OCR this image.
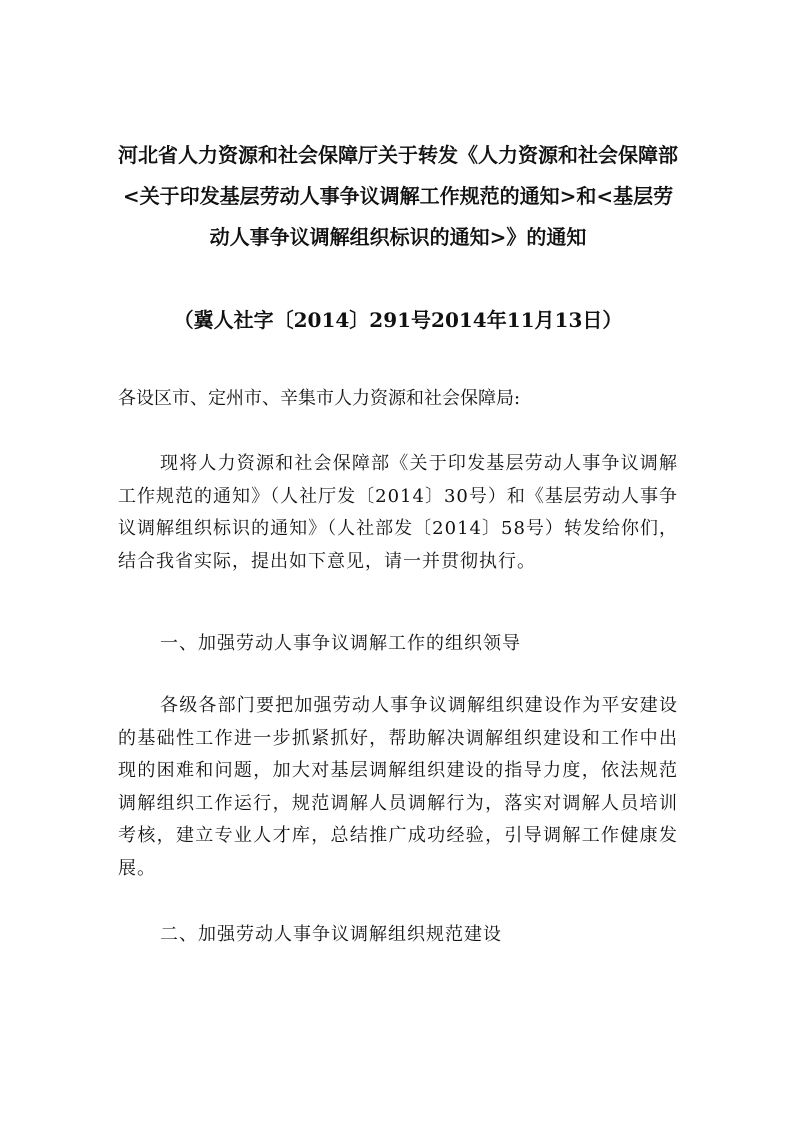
河北省人力资源和社会保障厅关于转发《人力资源和社会保障部<关于印发基层劳动人事争议调解工作规范的通知>和<基层劳动人事争议调解组织标识的通知>》的通知
（冀人社字〔2014〕291号2014年11月13日）
各设区市、定州市、辛集市人力资源和社会保障局:
现将人力资源和社会保障部《关于印发基层劳动人事争议调解工作规范的通知》（人社厅发〔2014〕30号）和《基层劳动人事争议调解组织标识的通知》（人社部发〔2014〕58号）转发给你们，结合我省实际，提出如下意见，请一并贯彻执行。
一、加强劳动人事争议调解工作的组织领导
各级各部门要把加强劳动人事争议调解组织建设作为平安建设的基础性工作进一步抓紧抓好，帮助解决调解组织建设和工作中出现的困难和问题，加大对基层调解组织建设的指导力度，依法规范调解组织工作运行，规范调解人员调解行为，落实对调解人员培训考核，建立专业人才库，总结推广成功经验，引导调解工作健康发展。
二、加强劳动人事争议调解组织规范建设
